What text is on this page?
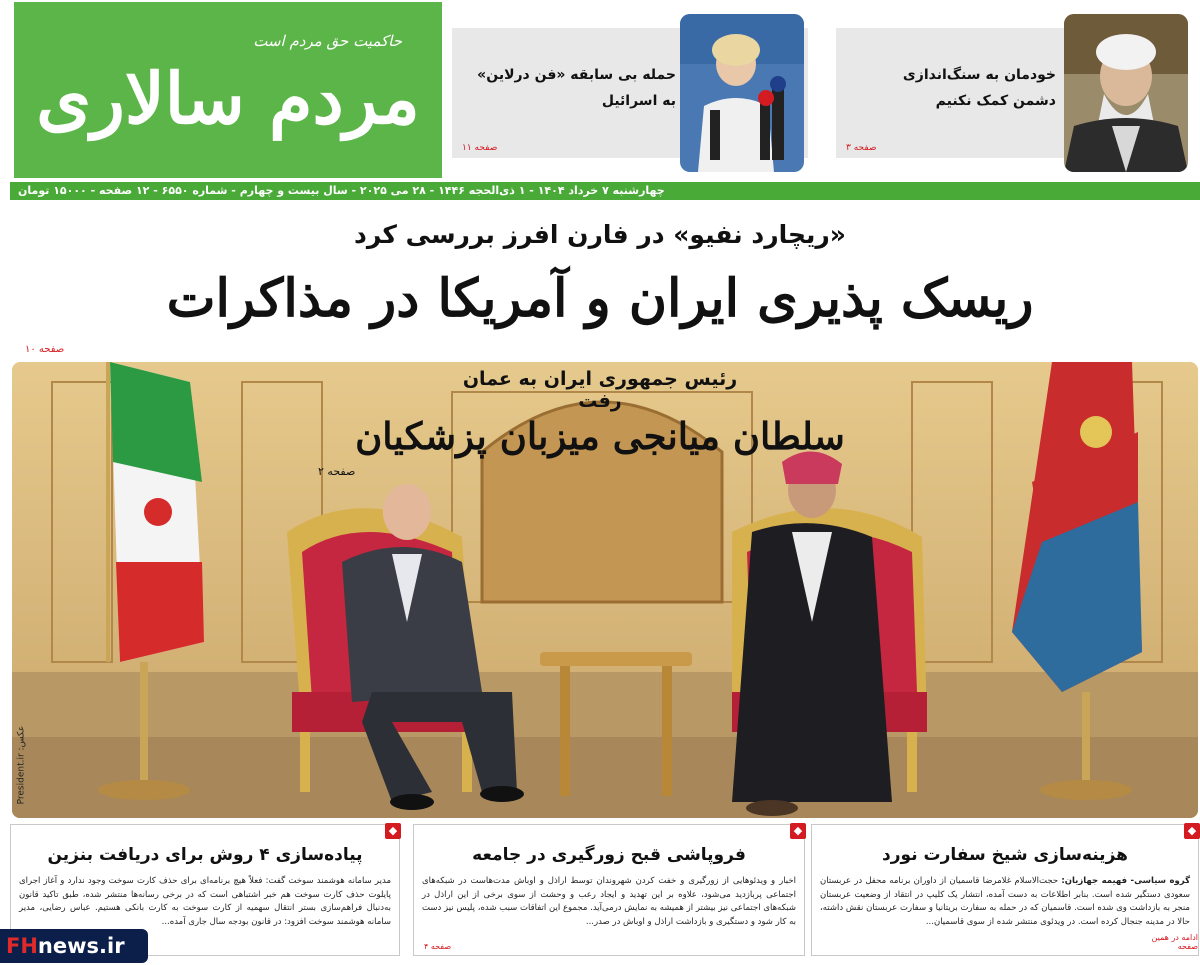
حاکمیت حق مردم است
مردم سالاری	خودمان به سنگ‌اندازی دشمن کمک نکنیم
صفحه ۳
حمله بی سابقه «فن درلاین» به اسرائیل
صفحه ۱۱
چهارشنبه ۷ خرداد ۱۴۰۴ - ۱ ذی‌الحجه ۱۴۴۶ - ۲۸ می ۲۰۲۵ - سال بیست و چهارم - شماره ۶۵۵۰ - ۱۲ صفحه - ۱۵۰۰۰ تومان
«ریچارد نفیو» در فارن افرز بررسی کرد
ریسک پذیری ایران و آمریکا در مذاکرات
صفحه ۱۰
رئیس جمهوری ایران به عمان رفت
سلطان میانجی میزبان پزشکیان
صفحه ۲
عکس: President.ir
◆
هزینه‌سازی شیخ سفارت نورد
گروه سیاسی- فهیمه جهازیان: حجت‌الاسلام غلامرضا قاسمیان از داوران برنامه محفل در عربستان سعودی دستگیر شده است. بنابر اطلاعات به دست آمده، انتشار یک کلیپ در انتقاد از وضعیت عربستان منجر به بازداشت وی شده است. قاسمیان که در حمله به سفارت بریتانیا و سفارت عربستان نقش داشته، حالا در مدینه جنجال کرده است. در ویدئوی منتشر شده از سوی قاسمیان...
ادامه در همین صفحه
◆
فروپاشی قبح زورگیری در جامعه
اخبار و ویدئوهایی از زورگیری و خفت کردن شهروندان توسط اراذل و اوباش مدت‌هاست در شبکه‌های اجتماعی پربازدید می‌شود، علاوه بر این تهدید و ایجاد رعب و وحشت از سوی برخی از این اراذل در شبکه‌های اجتماعی نیز بیشتر از همیشه به نمایش درمی‌آید. مجموع این اتفاقات سبب شده، پلیس نیز دست به کار شود و دستگیری و بازداشت اراذل و اوباش در صدر...
صفحه ۴
◆
پیاده‌سازی ۴ روش برای دریافت بنزین
مدیر سامانه هوشمند سوخت گفت: فعلاً هیچ برنامه‌ای برای حذف کارت سوخت وجود ندارد و آغاز اجرای پایلوت حذف کارت سوخت هم خبر اشتباهی است که در برخی رسانه‌ها منتشر شده، طبق تاکید قانون به‌دنبال فراهم‌سازی بستر انتقال سهمیه از کارت سوخت به کارت بانکی هستیم. عباس رضایی، مدیر سامانه هوشمند سوخت افزود: در قانون بودجه سال جاری آمده...
FH news.ir
